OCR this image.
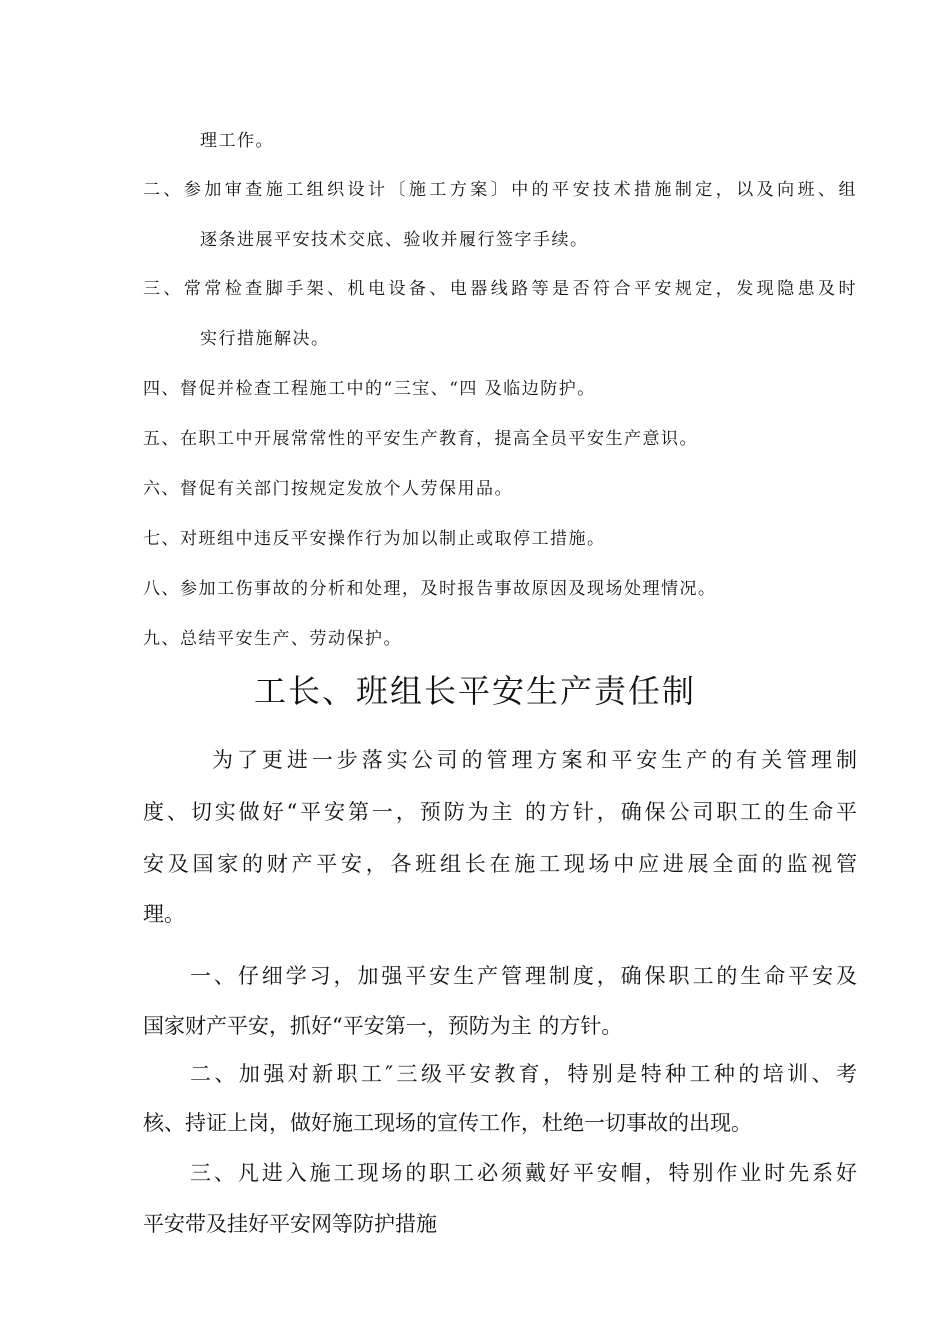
理工作。
二、参加审查施工组织设计〔施工方案〕中的平安技术措施制定，以及向班、组
逐条进展平安技术交底、验收并履行签字手续。
三、常常检查脚手架、机电设备、电器线路等是否符合平安规定，发现隐患及时
实行措施解决。
四、督促并检查工程施工中的“三宝、“四 及临边防护。
五、在职工中开展常常性的平安生产教育，提高全员平安生产意识。
六、督促有关部门按规定发放个人劳保用品。
七、对班组中违反平安操作行为加以制止或取停工措施。
八、参加工伤事故的分析和处理，及时报告事故原因及现场处理情况。
九、总结平安生产、劳动保护。
工长、班组长平安生产责任制
为了更进一步落实公司的管理方案和平安生产的有关管理制
度、切实做好“平安第一，预防为主 的方针，确保公司职工的生命平
安及国家的财产平安，各班组长在施工现场中应进展全面的监视管
理。
一、仔细学习，加强平安生产管理制度，确保职工的生命平安及
国家财产平安，抓好“平安第一，预防为主 的方针。
二、加强对新职工″三级平安教育，特别是特种工种的培训、考
核、持证上岗，做好施工现场的宣传工作，杜绝一切事故的出现。
三、凡进入施工现场的职工必须戴好平安帽，特别作业时先系好
平安带及挂好平安网等防护措施
